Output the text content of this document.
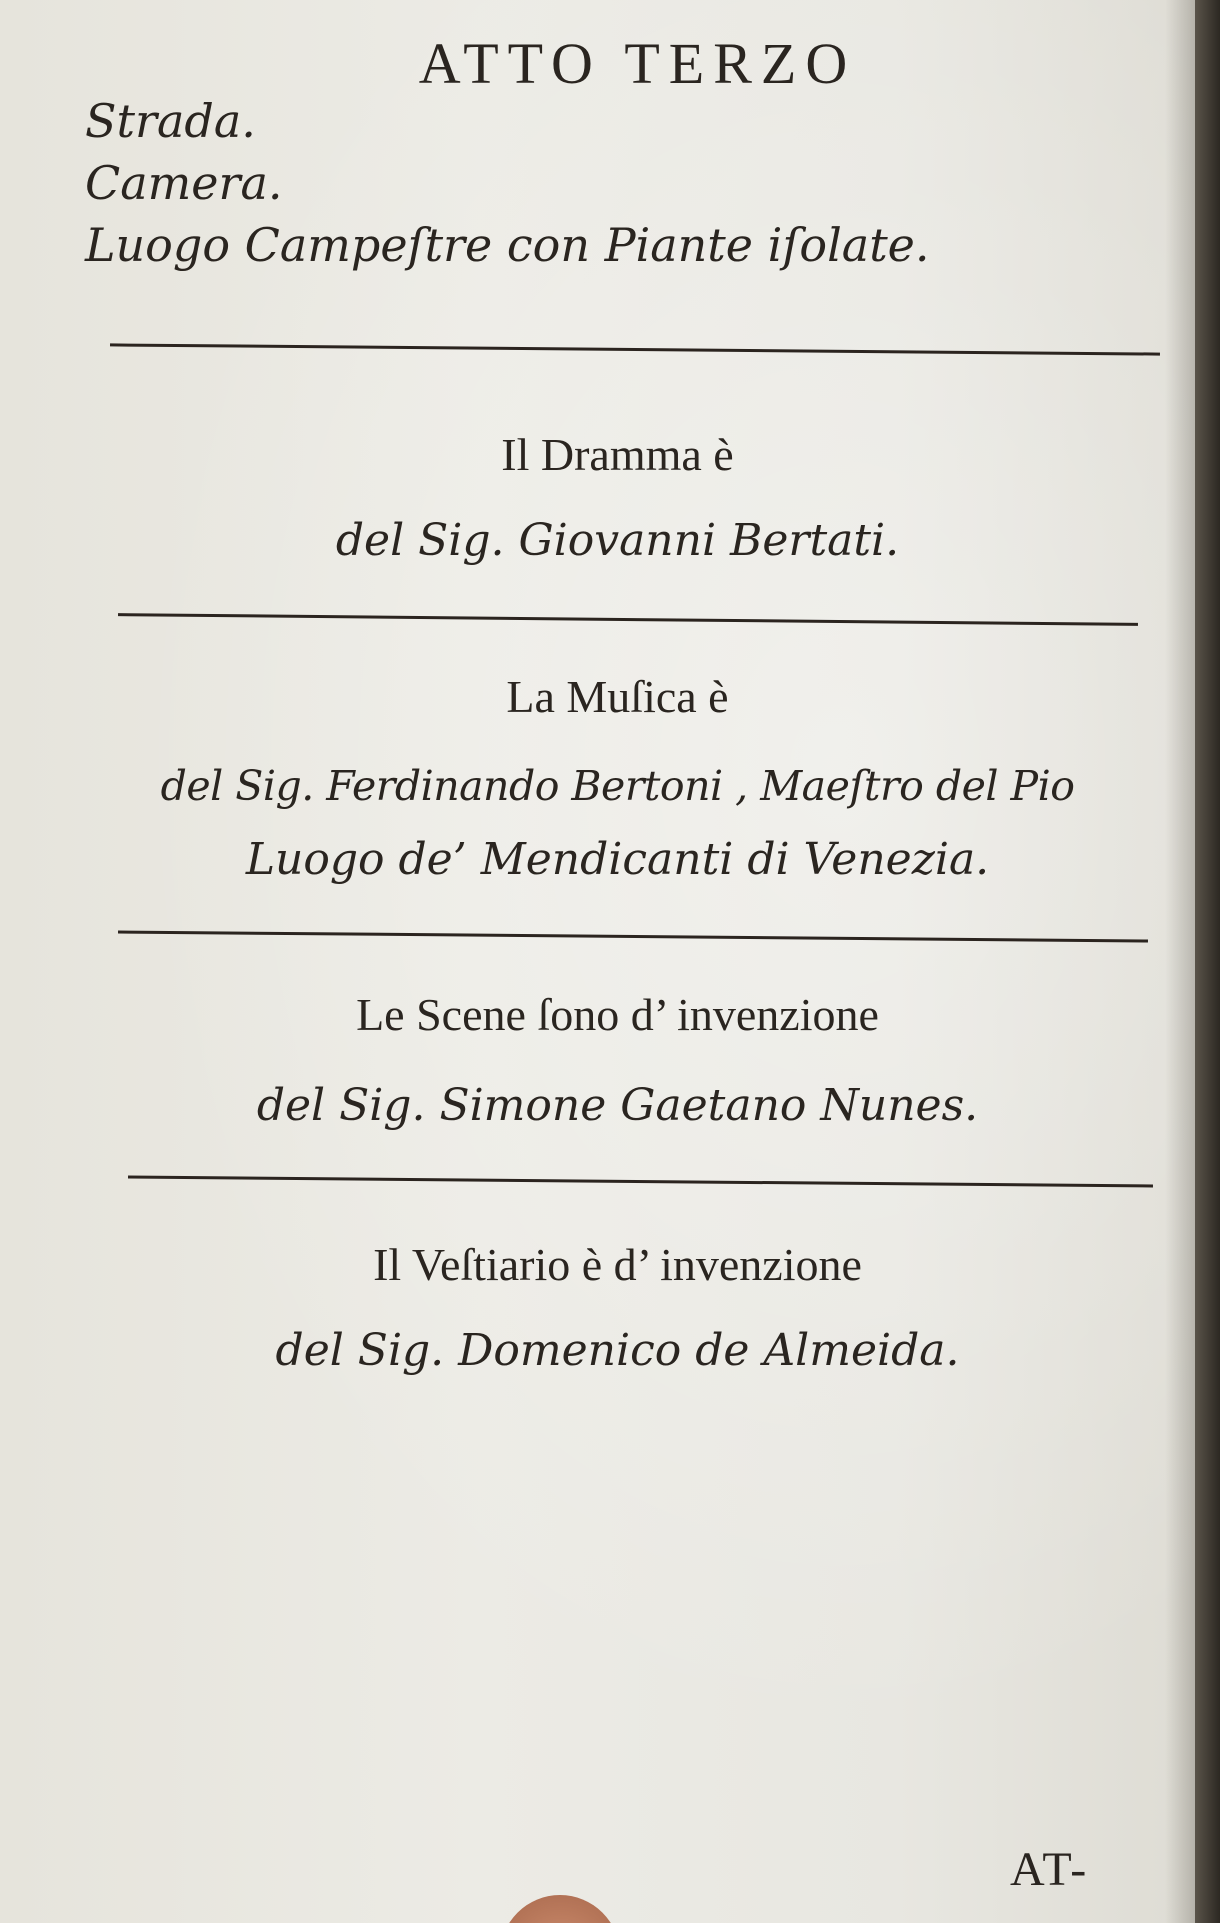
ATTO TERZO
Strada.
Camera.
Luogo Campeſtre con Piante iſolate.
Il Dramma è
del Sig. Giovanni Bertati.
La Muſica è
del Sig. Ferdinando Bertoni , Maeſtro del Pio
Luogo de’ Mendicanti di Venezia.
Le Scene ſono d’ invenzione
del Sig. Simone Gaetano Nunes.
Il Veſtiario è d’ invenzione
del Sig. Domenico de Almeida.
AT-
